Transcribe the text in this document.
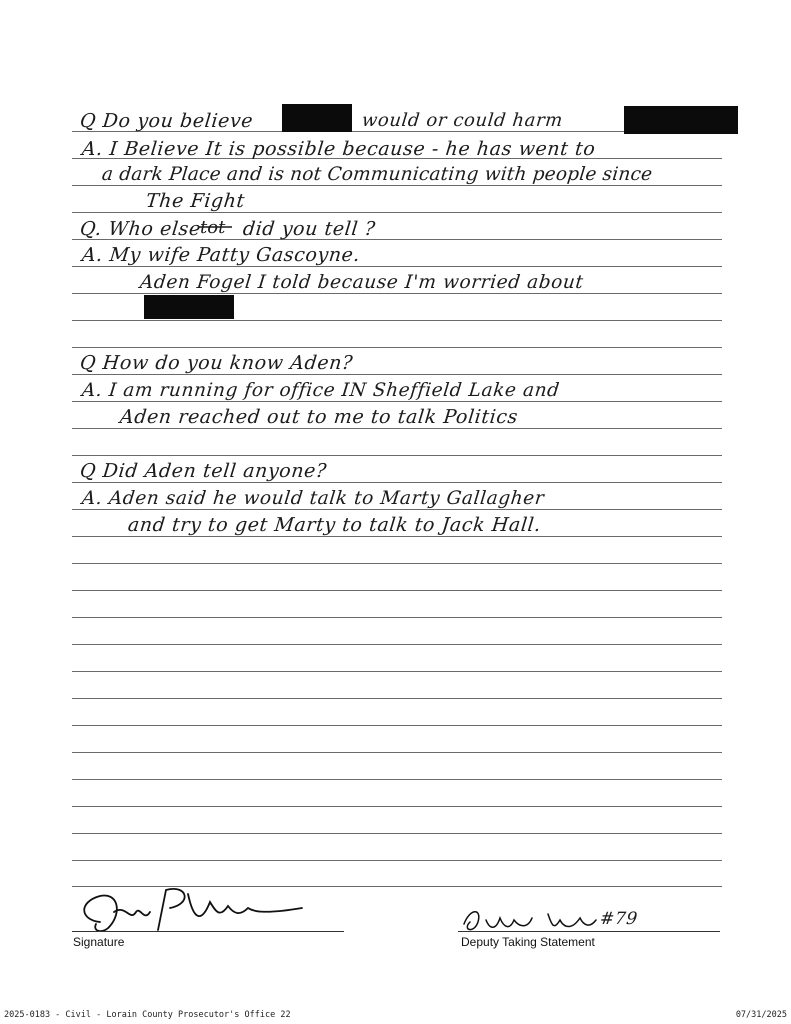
Q Do you believe	would or could harm
A. I Believe It is possible because - he has went to
a dark Place and is not Communicating with people since
The Fight
Q. Who else
tot did you tell ?
A. My wife Patty Gascoyne.
Aden Fogel I told because I'm worried about
Q How do you know Aden?
A. I am running for office IN Sheffield Lake and
Aden reached out to me to talk Politics
Q Did Aden tell anyone?
A. Aden said he would talk to Marty Gallagher
and try to get Marty to talk to Jack Hall.
Signature
#79
Deputy Taking Statement
2025-0183 - Civil - Lorain County Prosecutor's Office 22	07/31/2025
